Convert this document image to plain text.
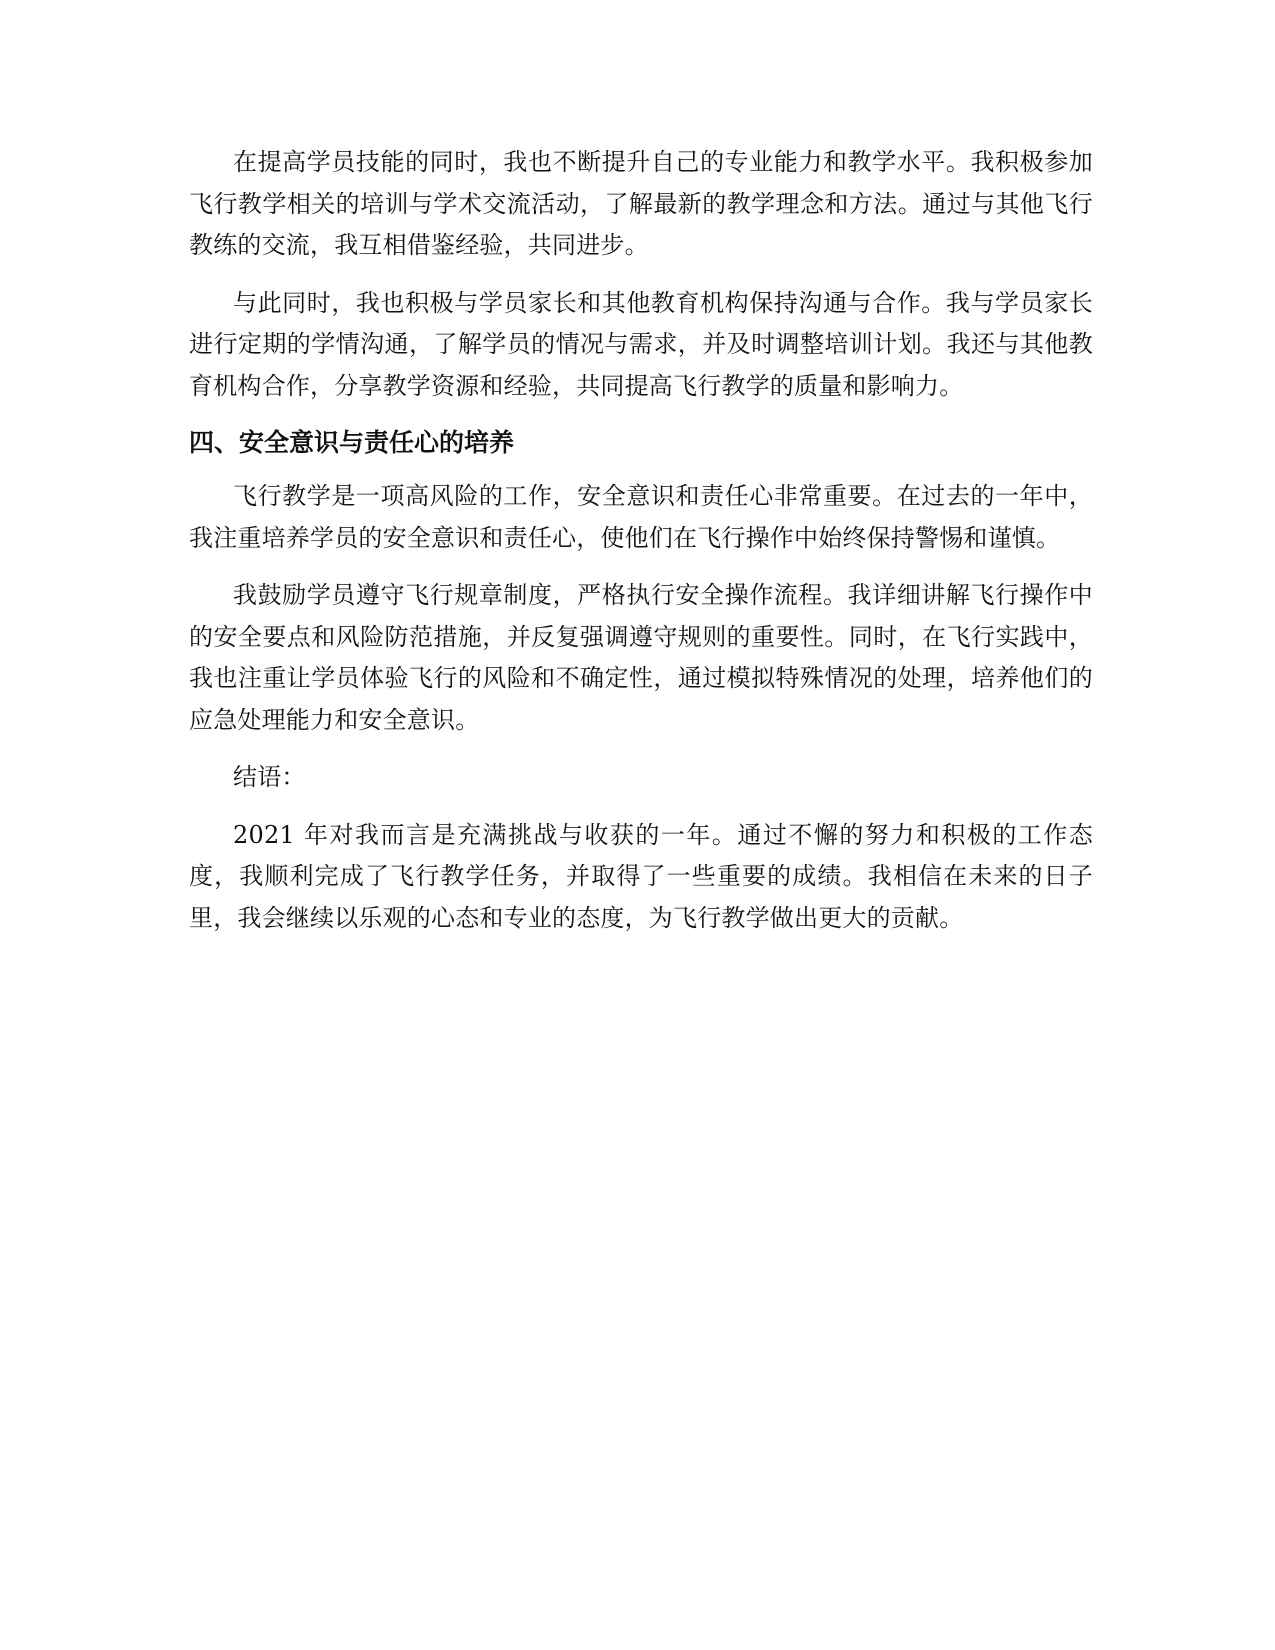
在提高学员技能的同时，我也不断提升自己的专业能力和教学水平。我积极参加飞行教学相关的培训与学术交流活动，了解最新的教学理念和方法。通过与其他飞行教练的交流，我互相借鉴经验，共同进步。

与此同时，我也积极与学员家长和其他教育机构保持沟通与合作。我与学员家长进行定期的学情沟通，了解学员的情况与需求，并及时调整培训计划。我还与其他教育机构合作，分享教学资源和经验，共同提高飞行教学的质量和影响力。

四、安全意识与责任心的培养

飞行教学是一项高风险的工作，安全意识和责任心非常重要。在过去的一年中，我注重培养学员的安全意识和责任心，使他们在飞行操作中始终保持警惕和谨慎。

我鼓励学员遵守飞行规章制度，严格执行安全操作流程。我详细讲解飞行操作中的安全要点和风险防范措施，并反复强调遵守规则的重要性。同时，在飞行实践中，我也注重让学员体验飞行的风险和不确定性，通过模拟特殊情况的处理，培养他们的应急处理能力和安全意识。

结语：

2021 年对我而言是充满挑战与收获的一年。通过不懈的努力和积极的工作态度，我顺利完成了飞行教学任务，并取得了一些重要的成绩。我相信在未来的日子里，我会继续以乐观的心态和专业的态度，为飞行教学做出更大的贡献。
